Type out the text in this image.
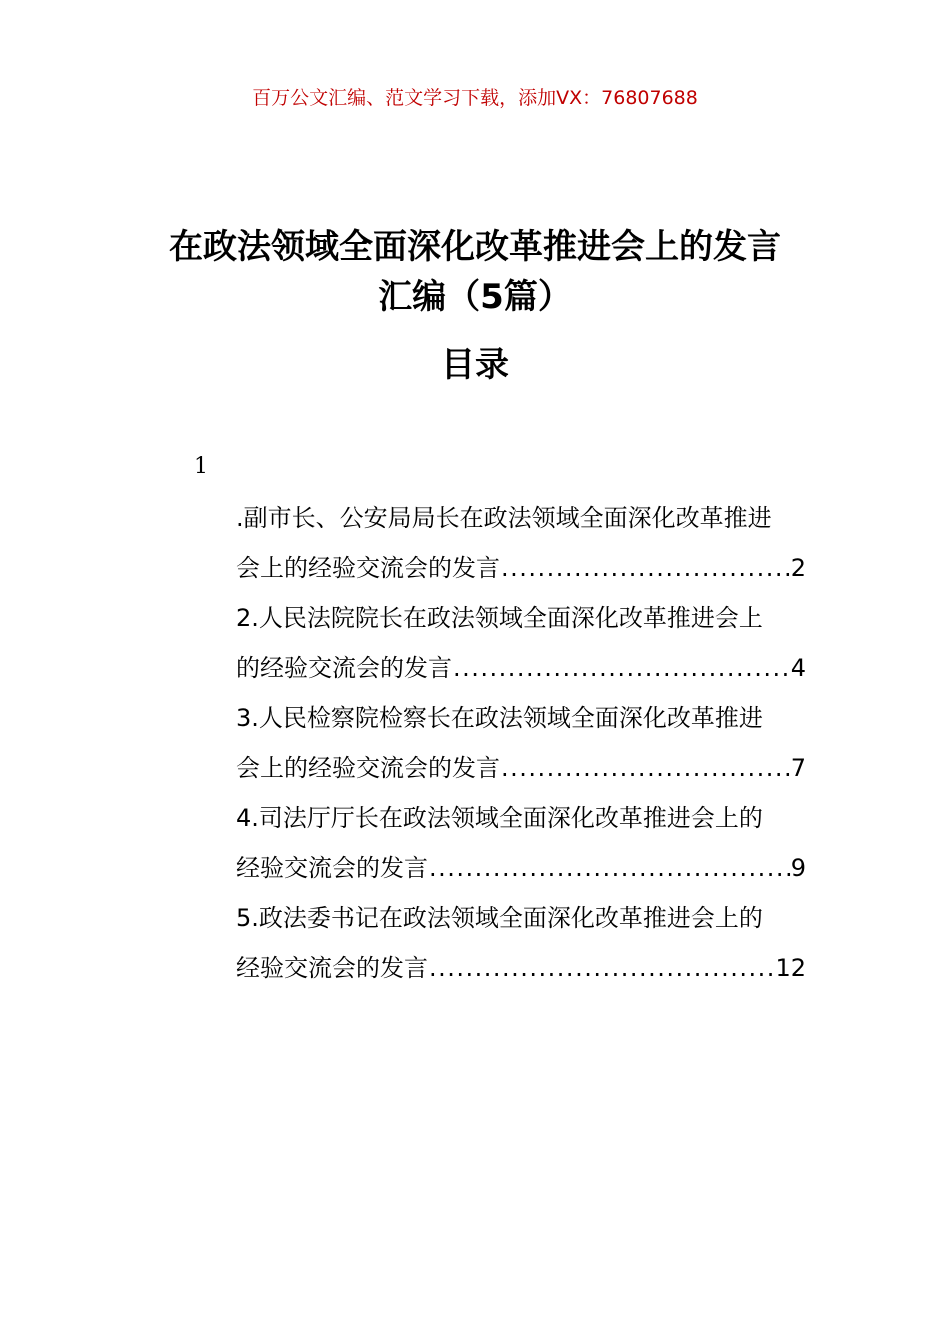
百万公文汇编、范文学习下载，添加VX：76807688
在政法领域全面深化改革推进会上的发言
汇编（5篇）
目录
1
.副市长、公安局局长在政法领域全面深化改革推进
会上的经验交流会的发言 .....	2
2.人民法院院长在政法领域全面深化改革推进会上
的经验交流会的发言 .....	4
3.人民检察院检察长在政法领域全面深化改革推进
会上的经验交流会的发言 .....	7
4.司法厅厅长在政法领域全面深化改革推进会上的
经验交流会的发言 .....	9
5.政法委书记在政法领域全面深化改革推进会上的
经验交流会的发言 .....	12
